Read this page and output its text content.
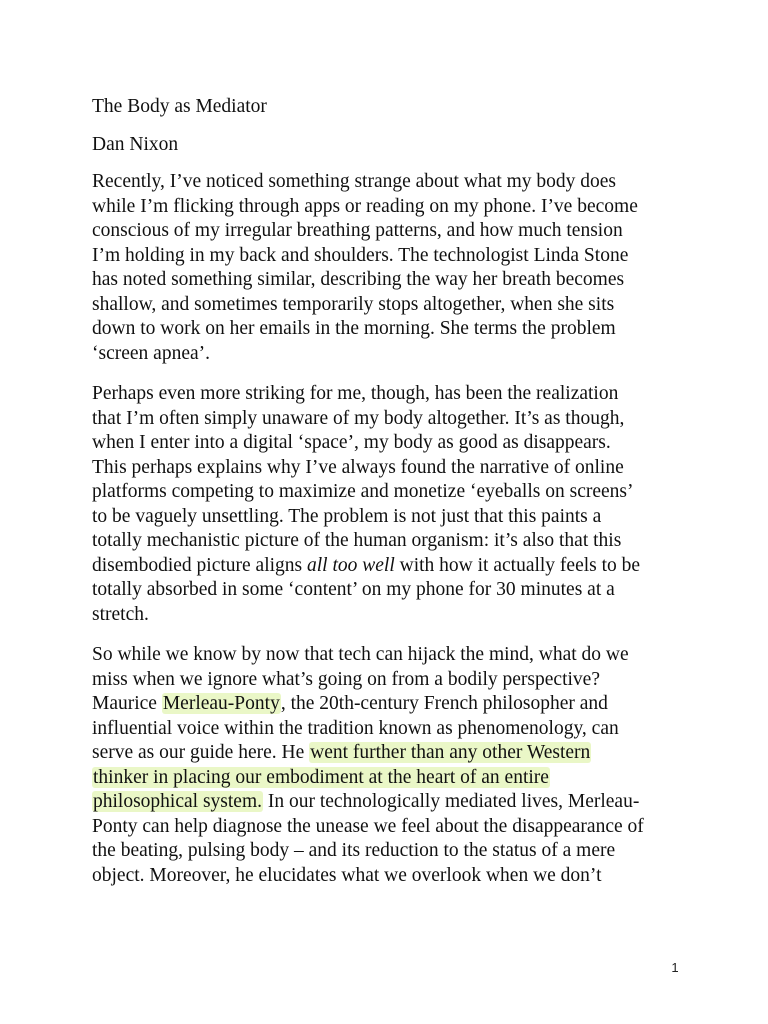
The Body as Mediator
Dan Nixon
Recently, I’ve noticed something strange about what my body does
while I’m flicking through apps or reading on my phone. I’ve become
conscious of my irregular breathing patterns, and how much tension
I’m holding in my back and shoulders. The technologist Linda Stone
has noted something similar, describing the way her breath becomes
shallow, and sometimes temporarily stops altogether, when she sits
down to work on her emails in the morning. She terms the problem
‘screen apnea’.
Perhaps even more striking for me, though, has been the realization
that I’m often simply unaware of my body altogether. It’s as though,
when I enter into a digital ‘space’, my body as good as disappears.
This perhaps explains why I’ve always found the narrative of online
platforms competing to maximize and monetize ‘eyeballs on screens’
to be vaguely unsettling. The problem is not just that this paints a
totally mechanistic picture of the human organism: it’s also that this
disembodied picture aligns all too well with how it actually feels to be
totally absorbed in some ‘content’ on my phone for 30 minutes at a
stretch.
So while we know by now that tech can hijack the mind, what do we
miss when we ignore what’s going on from a bodily perspective?
Maurice Merleau-Ponty, the 20th-century French philosopher and
influential voice within the tradition known as phenomenology, can
serve as our guide here. He went further than any other Western
thinker in placing our embodiment at the heart of an entire
philosophical system. In our technologically mediated lives, Merleau-
Ponty can help diagnose the unease we feel about the disappearance of
the beating, pulsing body – and its reduction to the status of a mere
object. Moreover, he elucidates what we overlook when we don’t
1
